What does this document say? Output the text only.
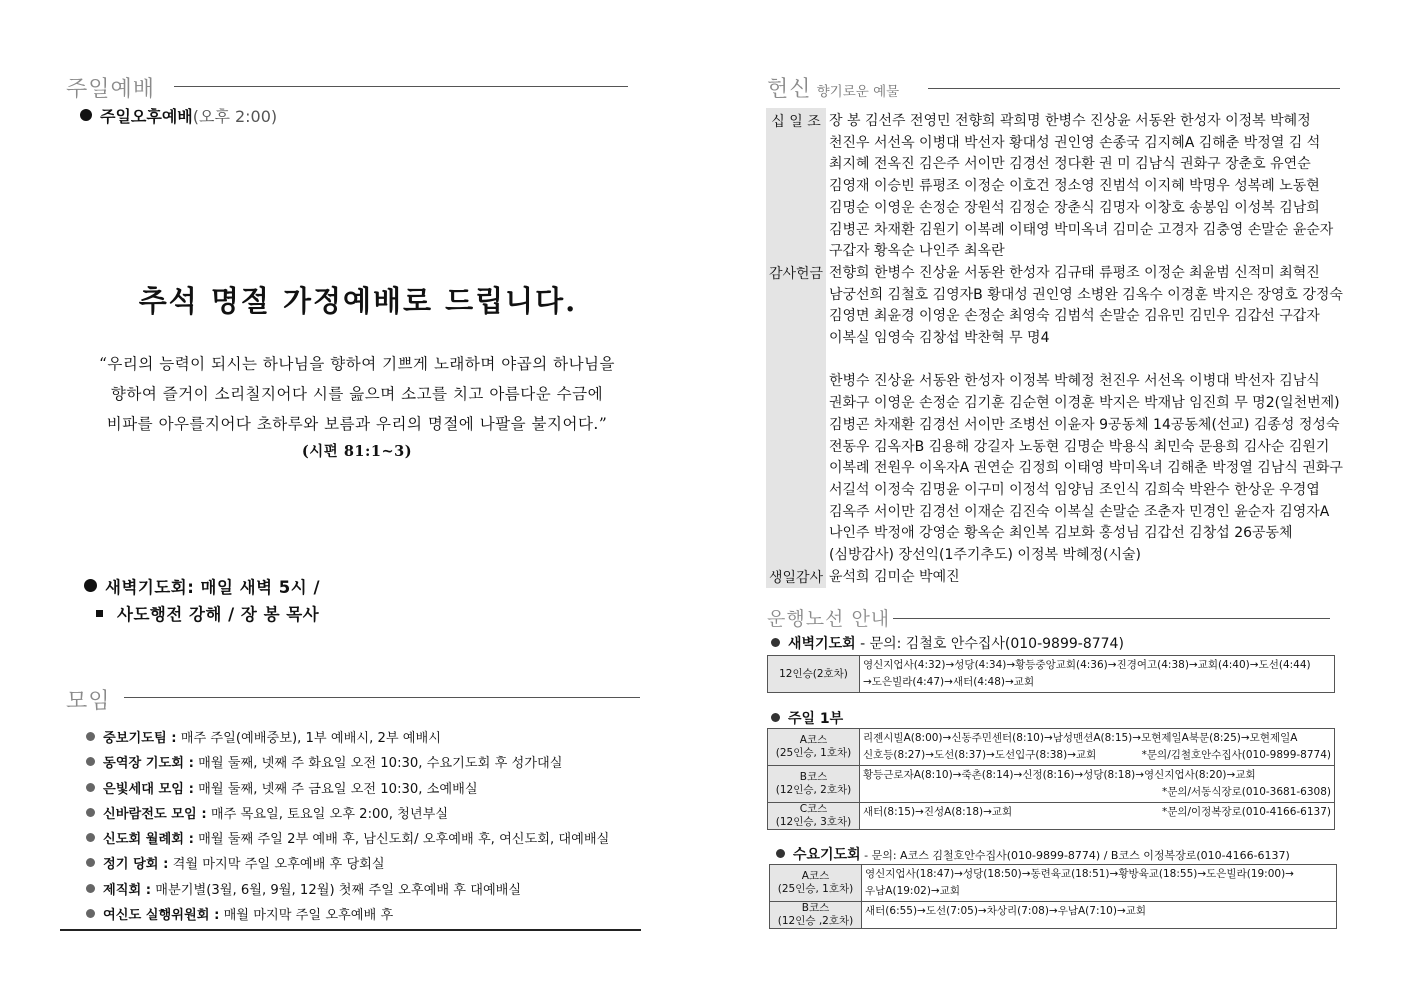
주일예배
주일오후예배(오후 2:00)
추석 명절 가정예배로 드립니다.
“우리의 능력이 되시는 하나님을 향하여 기쁘게 노래하며 야곱의 하나님을
향하여 즐거이 소리칠지어다 시를 읊으며 소고를 치고 아름다운 수금에
비파를 아우를지어다 초하루와 보름과 우리의 명절에 나팔을 불지어다.”
(시편 81:1~3)
새벽기도회: 매일 새벽 5시 /
사도행전 강해 / 장 봉 목사
모임
중보기도팀 : 매주 주일(예배중보), 1부 예배시, 2부 예배시
동역장 기도회 : 매월 둘째, 넷째 주 화요일 오전 10:30, 수요기도회 후 성가대실
은빛세대 모임 : 매월 둘째, 넷째 주 금요일 오전 10:30, 소예배실
신바람전도 모임 : 매주 목요일, 토요일 오후 2:00, 청년부실
신도회 월례회 : 매월 둘째 주일 2부 예배 후, 남신도회/ 오후예배 후, 여신도회, 대예배실
정기 당회 : 격월 마지막 주일 오후예배 후 당회실
제직회 : 매분기별(3월, 6월, 9월, 12월) 첫째 주일 오후예배 후 대예배실
여신도 실행위원회 : 매월 마지막 주일 오후예배 후
헌신 향기로운 예물
십 일 조 장 봉 김선주 전영민 전향희 곽희명 한병수 진상윤 서동완 한성자 이정복 박혜정
천진우 서선옥 이병대 박선자 황대성 권인영 손종국 김지혜A 김해춘 박정열 김 석
최지혜 전옥진 김은주 서이만 김경선 정다환 권 미 김남식 권화구 장춘호 유연순
김영재 이승빈 류평조 이정순 이호건 정소영 진범석 이지혜 박명우 성복례 노동현
김명순 이영운 손정순 장원석 김정순 장춘식 김명자 이창호 송봉임 이성복 김남희
김병곤 차재환 김원기 이복례 이태영 박미옥녀 김미순 고경자 김충영 손말순 윤순자
구갑자 황옥순 나인주 최옥란
감사헌금 전향희 한병수 진상윤 서동완 한성자 김규태 류평조 이정순 최윤범 신적미 최혁진
남궁선희 김철호 김영자B 황대성 권인영 소병완 김옥수 이경훈 박지은 장영호 강정숙
김영면 최윤경 이영운 손정순 최영숙 김범석 손말순 김유민 김민우 김갑선 구갑자
이복실 임영숙 김창섭 박찬혁 무 명4
한병수 진상윤 서동완 한성자 이정복 박혜정 천진우 서선옥 이병대 박선자 김남식
권화구 이영운 손정순 김기훈 김순현 이경훈 박지은 박재남 임진희 무 명2(일천번제)
김병곤 차재환 김경선 서이만 조병선 이윤자 9공동체 14공동체(선교) 김종성 정성숙
전동우 김옥자B 김용해 강길자 노동현 김명순 박용식 최민숙 문용희 김사순 김원기
이복례 전원우 이옥자A 권연순 김정희 이태영 박미옥녀 김해춘 박정열 김남식 권화구
서길석 이정숙 김명윤 이구미 이정석 임양님 조인식 김희숙 박완수 한상운 우경엽
김옥주 서이만 김경선 이재순 김진숙 이복실 손말순 조춘자 민경인 윤순자 김영자A
나인주 박정애 강영순 황옥순 최인복 김보화 홍성님 김갑선 김창섭 26공동체
(심방감사) 장선익(1주기추도) 이정복 박혜정(시술)
생일감사 윤석희 김미순 박예진
운행노선 안내
새벽기도회 - 문의: 김철호 안수집사(010-9899-8774)
12인승(2호차)
영신지업사(4:32)→성당(4:34)→황등중앙교회(4:36)→진경여고(4:38)→교회(4:40)→도선(4:44)
→도은빌라(4:47)→새터(4:48)→교회
주일 1부
A코스
(25인승, 1호차)
리젠시빌A(8:00)→신동주민센터(8:10)→남성맨션A(8:15)→모현제일A북문(8:25)→모현제일A
신호등(8:27)→도선(8:37)→도선입구(8:38)→교회	*문의/김철호안수집사(010-9899-8774)
B코스
(12인승, 2호차)
황등근로자A(8:10)→죽촌(8:14)→신정(8:16)→성당(8:18)→영신지업사(8:20)→교회
*문의/서동식장로(010-3681-6308)
C코스
(12인승, 3호차)
새터(8:15)→진성A(8:18)→교회	*문의/이정복장로(010-4166-6137)
수요기도회 - 문의: A코스 김철호안수집사(010-9899-8774) / B코스 이정복장로(010-4166-6137)
A코스
(25인승, 1호차)
영신지업사(18:47)→성당(18:50)→동련육교(18:51)→황방육교(18:55)→도은빌라(19:00)→
우남A(19:02)→교회
B코스
(12인승 ,2호차)
새터(6:55)→도선(7:05)→차상리(7:08)→우남A(7:10)→교회
